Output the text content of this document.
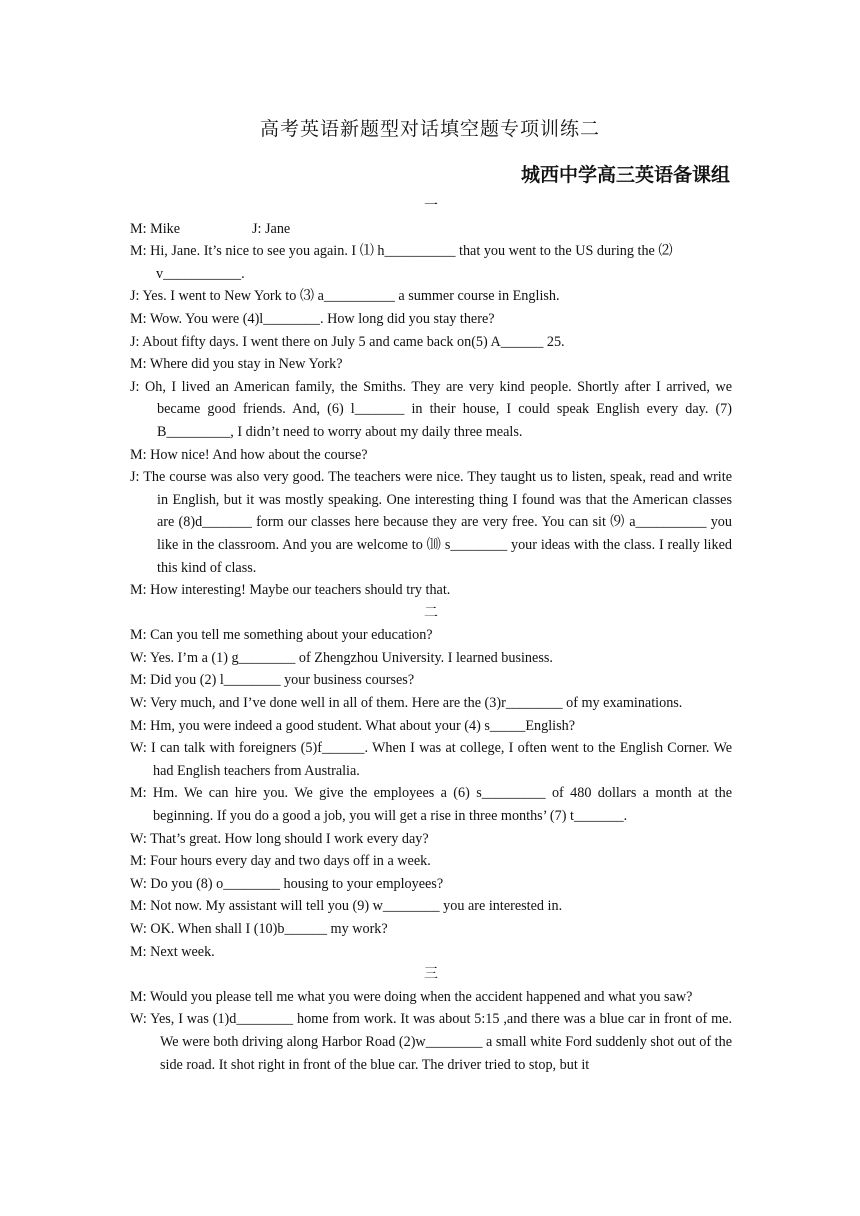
高考英语新题型对话填空题专项训练二
城西中学高三英语备课组
一
M: Mike	J: Jane
M: Hi, Jane. It’s nice to see you again. I ⑴ h__________ that you went to the US during the ⑵
v___________.
J: Yes. I went to New York to ⑶ a__________ a summer course in English.
M: Wow. You were (4)l________. How long did you stay there?
J: About fifty days. I went there on July 5 and came back on(5) A______ 25.
M: Where did you stay in New York?
J: Oh, I lived an American family, the Smiths. They are very kind people. Shortly after I arrived, we became good friends. And, (6) l_______ in their house, I could speak English every day. (7) B_________, I didn’t need to worry about my daily three meals.
M: How nice! And how about the course?
J: The course was also very good. The teachers were nice. They taught us to listen, speak, read and write in English, but it was mostly speaking. One interesting thing I found was that the American classes are (8)d_______ form our classes here because they are very free. You can sit ⑼ a__________ you like in the classroom. And you are welcome to ⑽ s________ your ideas with the class. I really liked this kind of class.
M: How interesting! Maybe our teachers should try that.
二
M: Can you tell me something about your education?
W: Yes. I’m a (1) g________ of Zhengzhou University. I learned business.
M: Did you (2) l________ your business courses?
W: Very much, and I’ve done well in all of them. Here are the (3)r________ of my examinations.
M: Hm, you were indeed a good student. What about your (4) s_____English?
W: I can talk with foreigners (5)f______. When I was at college, I often went to the English Corner. We had English teachers from Australia.
M: Hm. We can hire you. We give the employees a (6) s_________ of 480 dollars a month at the beginning. If you do a good a job, you will get a rise in three months’ (7) t_______.
W: That’s great. How long should I work every day?
M: Four hours every day and two days off in a week.
W: Do you (8) o________ housing to your employees?
M: Not now. My assistant will tell you (9) w________ you are interested in.
W: OK. When shall I (10)b______ my work?
M: Next week.
三
M: Would you please tell me what you were doing when the accident happened and what you saw?
W: Yes, I was (1)d________ home from work. It was about 5:15 ,and there was a blue car in front of me. We were both driving along Harbor Road (2)w________ a small white Ford suddenly shot out of the side road. It shot right in front of the blue car. The driver tried to stop, but it
